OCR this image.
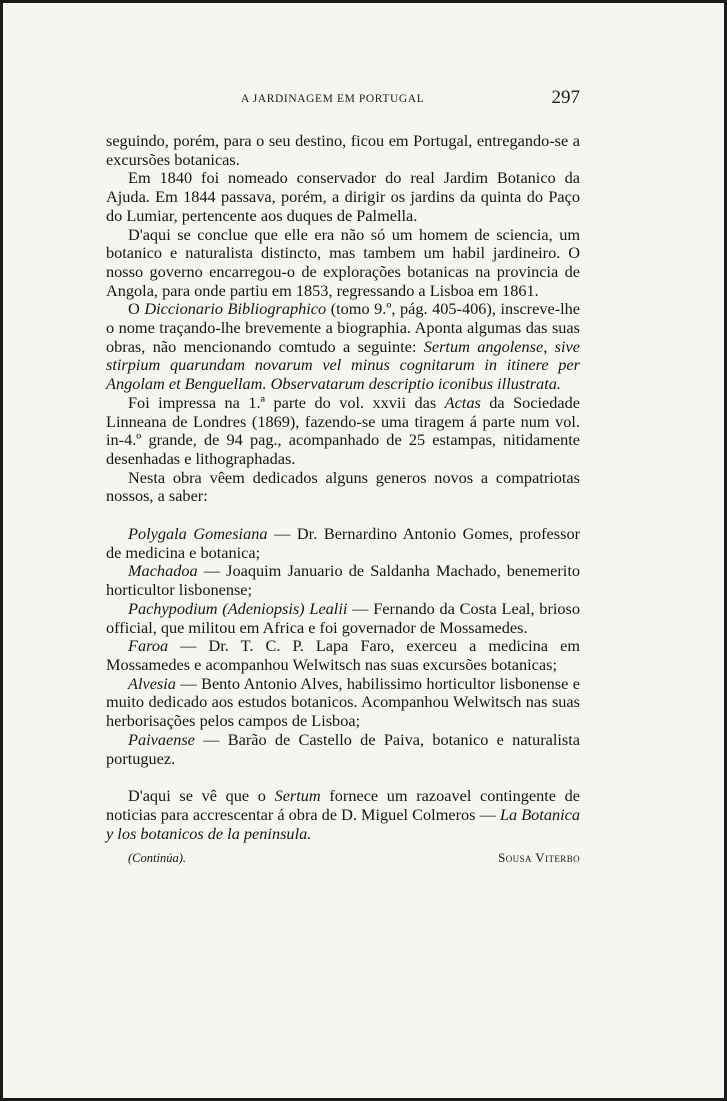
A JARDINAGEM EM PORTUGAL	297

seguindo, porém, para o seu destino, ficou em Portugal, entregando-se a excursões botanicas.

Em 1840 foi nomeado conservador do real Jardim Botanico da Ajuda. Em 1844 passava, porém, a dirigir os jardins da quinta do Paço do Lumiar, pertencente aos duques de Palmella.

D'aqui se conclue que elle era não só um homem de sciencia, um botanico e naturalista distincto, mas tambem um habil jardineiro. O nosso governo encarregou-o de explorações botanicas na provincia de Angola, para onde partiu em 1853, regressando a Lisboa em 1861.

O Diccionario Bibliographico (tomo 9.º, pág. 405-406), inscreve-lhe o nome traçando-lhe brevemente a biographia. Aponta algumas das suas obras, não mencionando comtudo a seguinte: Sertum angolense, sive stirpium quarundam novarum vel minus cognitarum in itinere per Angolam et Benguellam. Observatarum descriptio iconibus illustrata.

Foi impressa na 1.ª parte do vol. xxvii das Actas da Sociedade Linneana de Londres (1869), fazendo-se uma tiragem á parte num vol. in-4.º grande, de 94 pag., acompanhado de 25 estampas, nitidamente desenhadas e lithographadas.

Nesta obra vêem dedicados alguns generos novos a compatriotas nossos, a saber:

Polygala Gomesiana — Dr. Bernardino Antonio Gomes, professor de medicina e botanica;

Machadoa — Joaquim Januario de Saldanha Machado, benemerito horticultor lisbonense;

Pachypodium (Adeniopsis) Lealii — Fernando da Costa Leal, brioso official, que militou em Africa e foi governador de Mossamedes.

Faroa — Dr. T. C. P. Lapa Faro, exerceu a medicina em Mossamedes e acompanhou Welwitsch nas suas excursões botanicas;

Alvesia — Bento Antonio Alves, habilissimo horticultor lisbonense e muito dedicado aos estudos botanicos. Acompanhou Welwitsch nas suas herborisações pelos campos de Lisboa;

Paivaense — Barão de Castello de Paiva, botanico e naturalista portuguez.

D'aqui se vê que o Sertum fornece um razoavel contingente de noticias para accrescentar á obra de D. Miguel Colmeros — La Botanica y los botanicos de la peninsula.

(Continúa).	Sousa Viterbo
